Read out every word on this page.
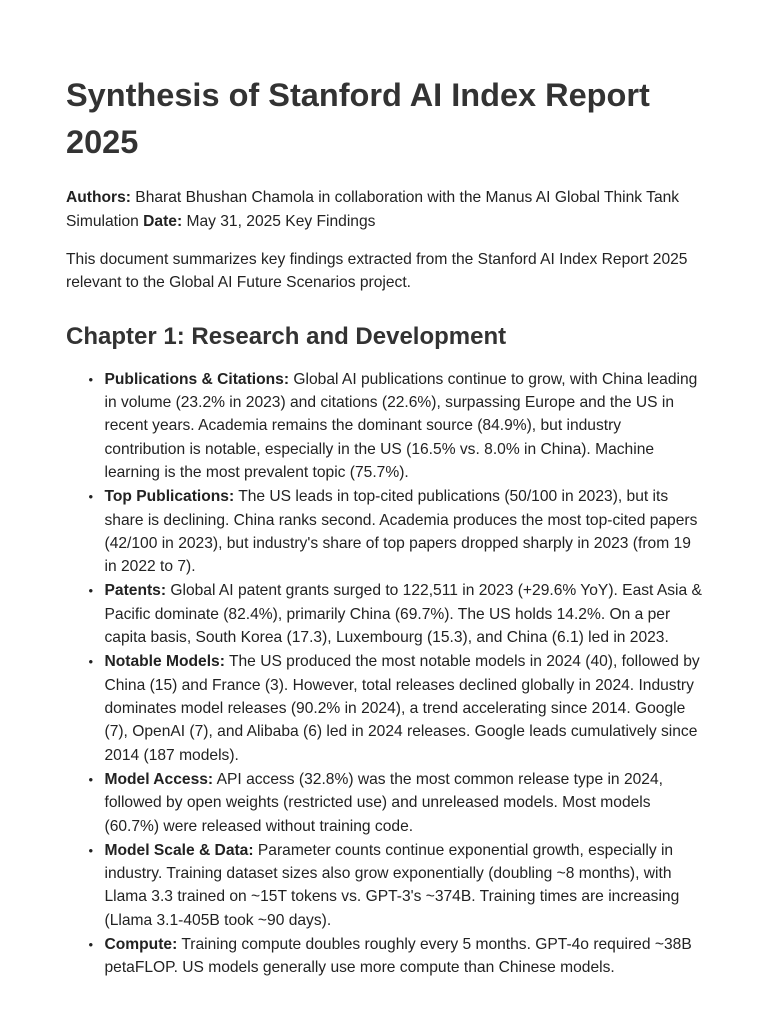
Synthesis of Stanford AI Index Report 2025

Authors: Bharat Bhushan Chamola in collaboration with the Manus AI Global Think Tank Simulation Date: May 31, 2025 Key Findings

This document summarizes key findings extracted from the Stanford AI Index Report 2025 relevant to the Global AI Future Scenarios project.

Chapter 1: Research and Development
• Publications & Citations: Global AI publications continue to grow, with China leading in volume (23.2% in 2023) and citations (22.6%), surpassing Europe and the US in recent years. Academia remains the dominant source (84.9%), but industry contribution is notable, especially in the US (16.5% vs. 8.0% in China). Machine learning is the most prevalent topic (75.7%).
• Top Publications: The US leads in top-cited publications (50/100 in 2023), but its share is declining. China ranks second. Academia produces the most top-cited papers (42/100 in 2023), but industry's share of top papers dropped sharply in 2023 (from 19 in 2022 to 7).
• Patents: Global AI patent grants surged to 122,511 in 2023 (+29.6% YoY). East Asia & Pacific dominate (82.4%), primarily China (69.7%). The US holds 14.2%. On a per capita basis, South Korea (17.3), Luxembourg (15.3), and China (6.1) led in 2023.
• Notable Models: The US produced the most notable models in 2024 (40), followed by China (15) and France (3). However, total releases declined globally in 2024. Industry dominates model releases (90.2% in 2024), a trend accelerating since 2014. Google (7), OpenAI (7), and Alibaba (6) led in 2024 releases. Google leads cumulatively since 2014 (187 models).
• Model Access: API access (32.8%) was the most common release type in 2024, followed by open weights (restricted use) and unreleased models. Most models (60.7%) were released without training code.
• Model Scale & Data: Parameter counts continue exponential growth, especially in industry. Training dataset sizes also grow exponentially (doubling ~8 months), with Llama 3.3 trained on ~15T tokens vs. GPT-3's ~374B. Training times are increasing (Llama 3.1-405B took ~90 days).
• Compute: Training compute doubles roughly every 5 months. GPT-4o required ~38B petaFLOP. US models generally use more compute than Chinese models.
